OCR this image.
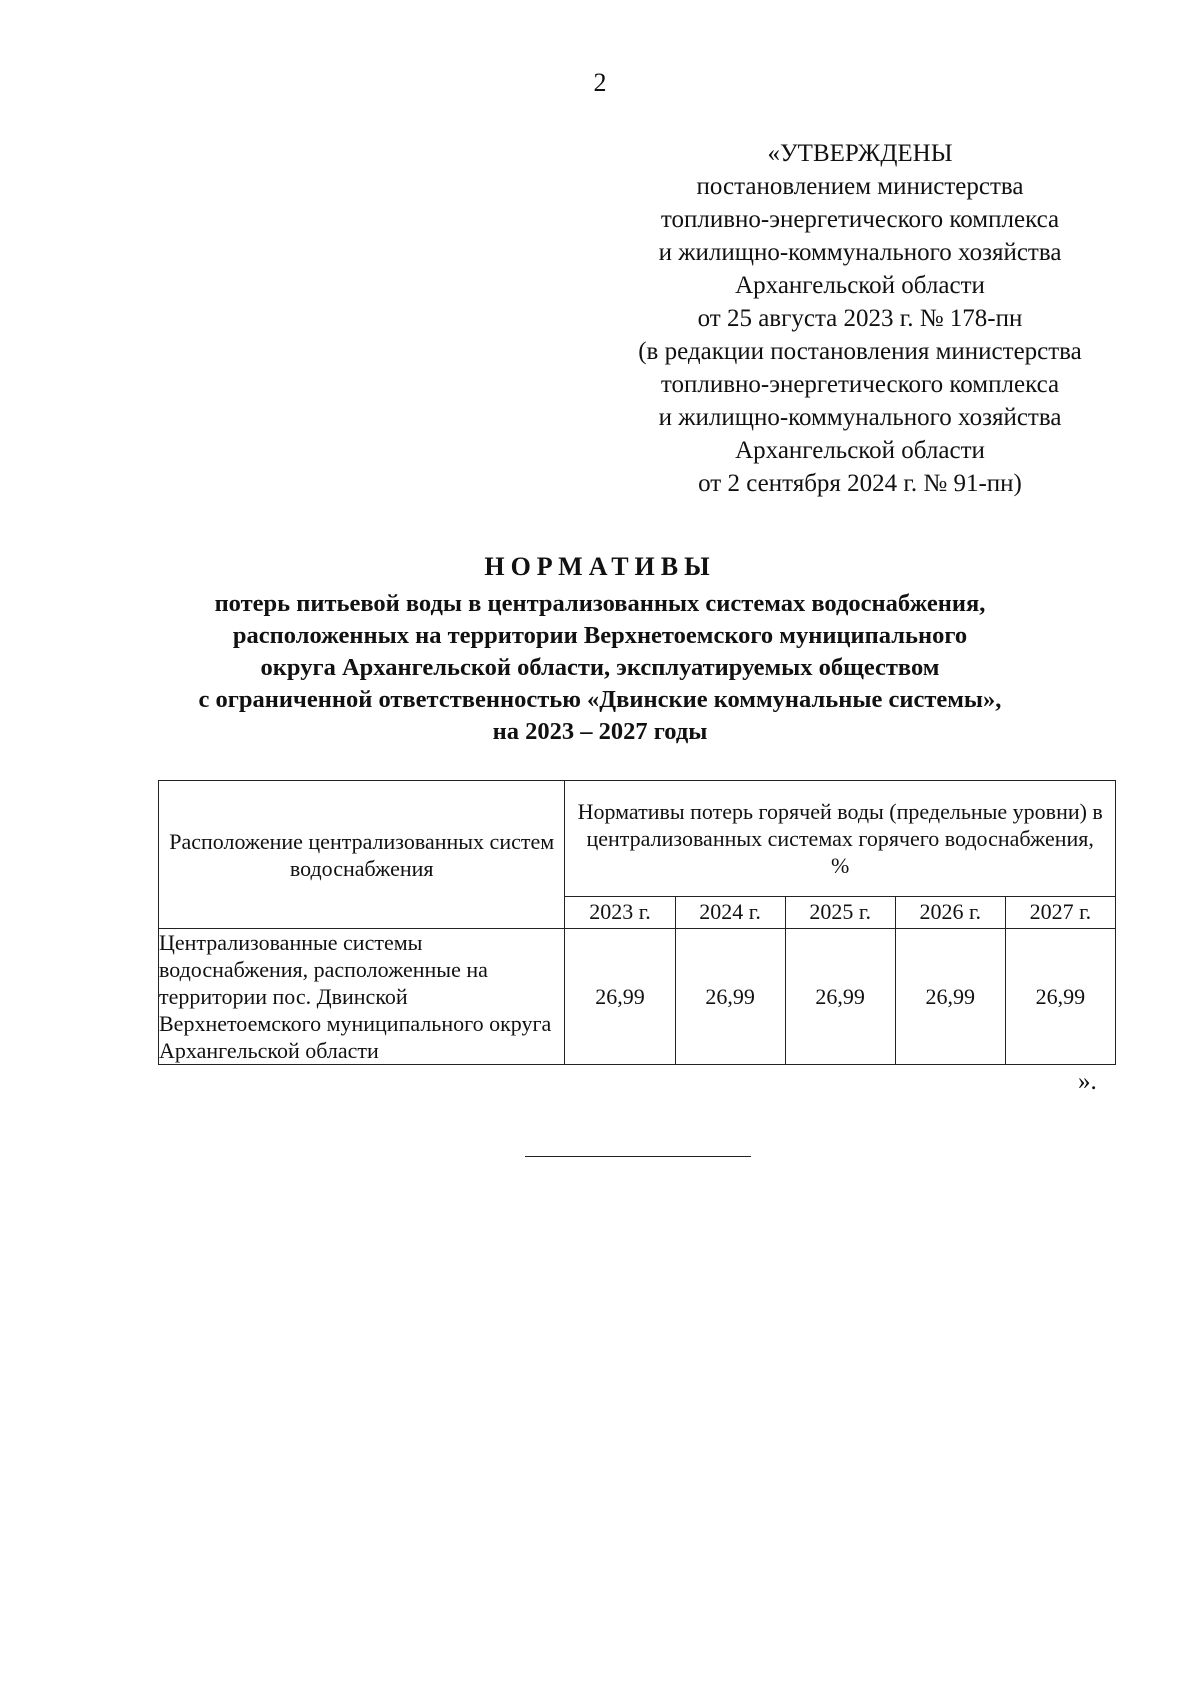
2
«УТВЕРЖДЕНЫ
постановлением министерства
топливно-энергетического комплекса
и жилищно-коммунального хозяйства
Архангельской области
от 25 августа 2023 г. № 178-пн
(в редакции постановления министерства
топливно-энергетического комплекса
и жилищно-коммунального хозяйства
Архангельской области
от 2 сентября 2024 г. № 91-пн)
НОРМАТИВЫ
потерь питьевой воды в централизованных системах водоснабжения,
расположенных на территории Верхнетоемского муниципального
округа Архангельской области, эксплуатируемых обществом
с ограниченной ответственностью «Двинские коммунальные системы»,
на 2023 – 2027 годы
Расположение централизованных систем водоснабжения	Нормативы потерь горячей воды (предельные уровни) в централизованных системах горячего водоснабжения,
%				
	2023 г.	2024 г.	2025 г.	2026 г.	2027 г.
Централизованные системы водоснабжения, расположенные на территории пос. Двинской Верхнетоемского муниципального округа Архангельской области	26,99	26,99	26,99	26,99	26,99
».
